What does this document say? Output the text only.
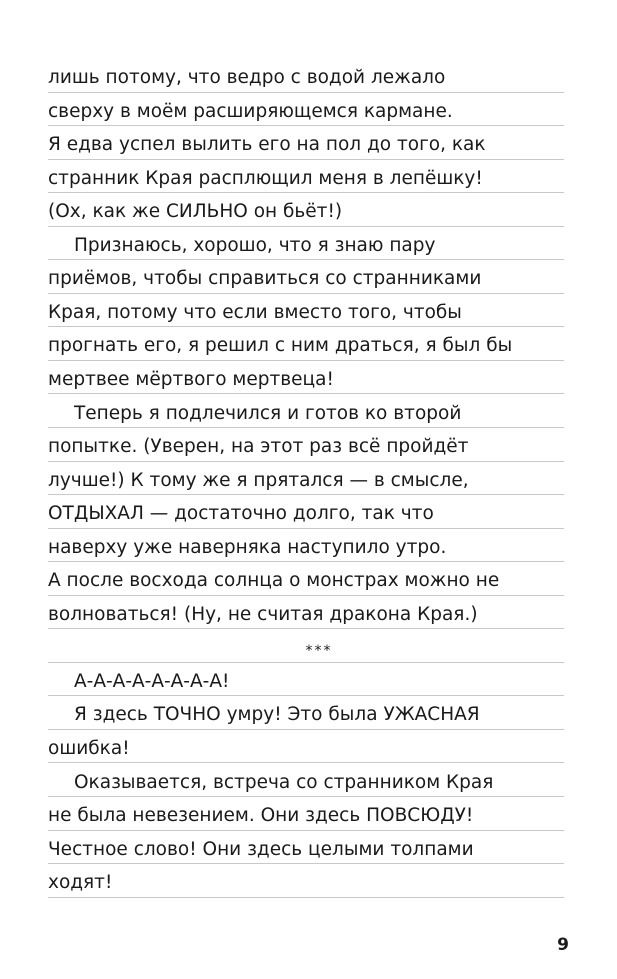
лишь потому, что ведро с водой лежало
сверху в моём расширяющемся кармане.
Я едва успел вылить его на пол до того, как
странник Края расплющил меня в лепёшку!
(Ох, как же СИЛЬНО он бьёт!)
Признаюсь, хорошо, что я знаю пару
приёмов, чтобы справиться со странниками
Края, потому что если вместо того, чтобы
прогнать его, я решил с ним драться, я был бы
мертвее мёртвого мертвеца!
Теперь я подлечился и готов ко второй
попытке. (Уверен, на этот раз всё пройдёт
лучше!) К тому же я прятался — в смысле,
ОТДЫХАЛ — достаточно долго, так что
наверху уже наверняка наступило утро.
А после восхода солнца о монстрах можно не
волноваться! (Ну, не считая дракона Края.)
***
А-А-А-А-А-А-А-А!
Я здесь ТОЧНО умру! Это была УЖАСНАЯ
ошибка!
Оказывается, встреча со странником Края
не была невезением. Они здесь ПОВСЮДУ!
Честное слово! Они здесь целыми толпами
ходят!
9
